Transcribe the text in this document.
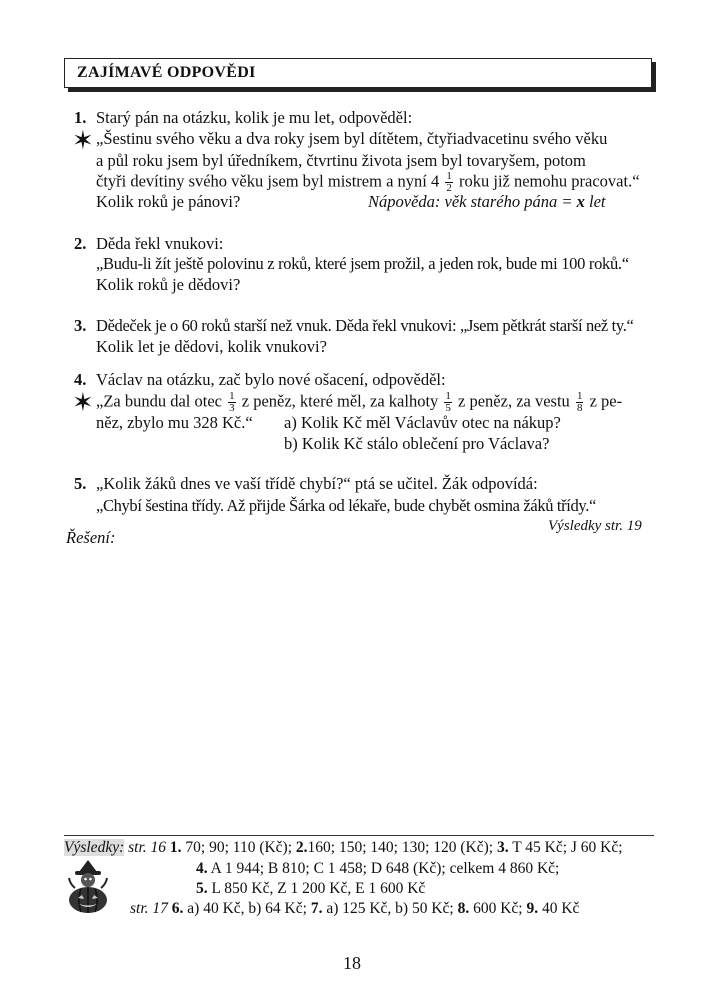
ZAJÍMAVÉ ODPOVĚDI
1. Starý pán na otázku, kolik je mu let, odpověděl:
✶ „Šestinu svého věku a dva roky jsem byl dítětem, čtyřiadvacetinu svého věku
a půl roku jsem byl úředníkem, čtvrtinu života jsem byl tovaryšem, potom
čtyři devítiny svého věku jsem byl mistrem a nyní $4 \frac{1}{2}$ roku již nemohu pracovat.“
Kolik roků je pánovi?	Nápověda: věk starého pána = x let
2. Děda řekl vnukovi:
„Budu-li žít ještě polovinu z roků, které jsem prožil, a jeden rok, bude mi 100 roků.“
Kolik roků je dědovi?
3. Dědeček je o 60 roků starší než vnuk. Děda řekl vnukovi: „Jsem pětkrát starší než ty.“
Kolik let je dědovi, kolik vnukovi?
4. Václav na otázku, zač bylo nové ošacení, odpověděl:
✶ „Za bundu dal otec $\frac{1}{3}$ z peněz, které měl, za kalhoty $\frac{1}{5}$ z peněz, za vestu $\frac{1}{8}$ z pe-
něz, zbylo mu 328 Kč.“ a) Kolik Kč měl Václavův otec na nákup?
b) Kolik Kč stálo oblečení pro Václava?
5. „Kolik žáků dnes ve vaší třídě chybí?“ ptá se učitel. Žák odpovídá:
„Chybí šestina třídy. Až přijde Šárka od lékaře, bude chybět osmina žáků třídy.“
Výsledky str. 19
Řešení:
Výsledky: str. 16 1. 70; 90; 110 (Kč); 2.160; 150; 140; 130; 120 (Kč); 3. T 45 Kč; J 60 Kč;
4. A 1 944; B 810; C 1 458; D 648 (Kč); celkem 4 860 Kč;
5. L 850 Kč, Z 1 200 Kč, E 1 600 Kč
str. 17 6. a) 40 Kč, b) 64 Kč; 7. a) 125 Kč, b) 50 Kč; 8. 600 Kč; 9. 40 Kč
18
